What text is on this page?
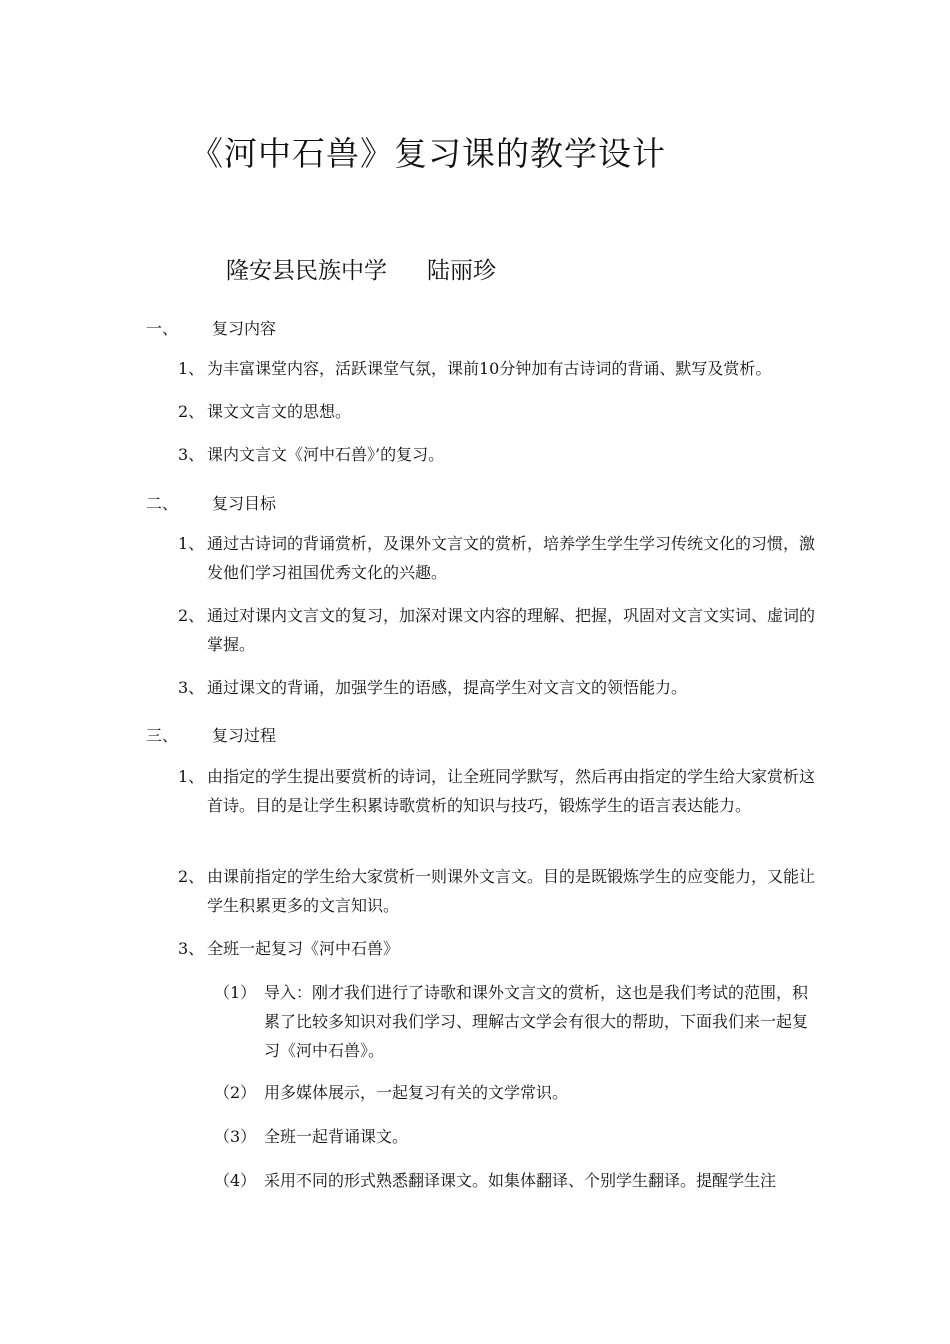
《河中石兽》复习课的教学设计
隆安县民族中学 陆丽珍
一、 复习内容
1、 为丰富课堂内容，活跃课堂气氛，课前10分钟加有古诗词的背诵、默写及赏析。
2、 课文文言文的思想。
3、 课内文言文《河中石兽》’的复习。
二、 复习目标
1、 通过古诗词的背诵赏析，及课外文言文的赏析，培养学生学生学习传统文化的习惯，激发他们学习祖国优秀文化的兴趣。
2、 通过对课内文言文的复习，加深对课文内容的理解、把握，巩固对文言文实词、虚词的掌握。
3、 通过课文的背诵，加强学生的语感，提高学生对文言文的领悟能力。
三、 复习过程
1、 由指定的学生提出要赏析的诗词，让全班同学默写，然后再由指定的学生给大家赏析这首诗。目的是让学生积累诗歌赏析的知识与技巧，锻炼学生的语言表达能力。
2、 由课前指定的学生给大家赏析一则课外文言文。目的是既锻炼学生的应变能力，又能让学生积累更多的文言知识。
3、 全班一起复习《河中石兽》
（1） 导入：刚才我们进行了诗歌和课外文言文的赏析，这也是我们考试的范围，积累了比较多知识对我们学习、理解古文学会有很大的帮助，下面我们来一起复习《河中石兽》。
（2） 用多媒体展示，一起复习有关的文学常识。
（3） 全班一起背诵课文。
（4） 采用不同的形式熟悉翻译课文。如集体翻译、个别学生翻译。提醒学生注
